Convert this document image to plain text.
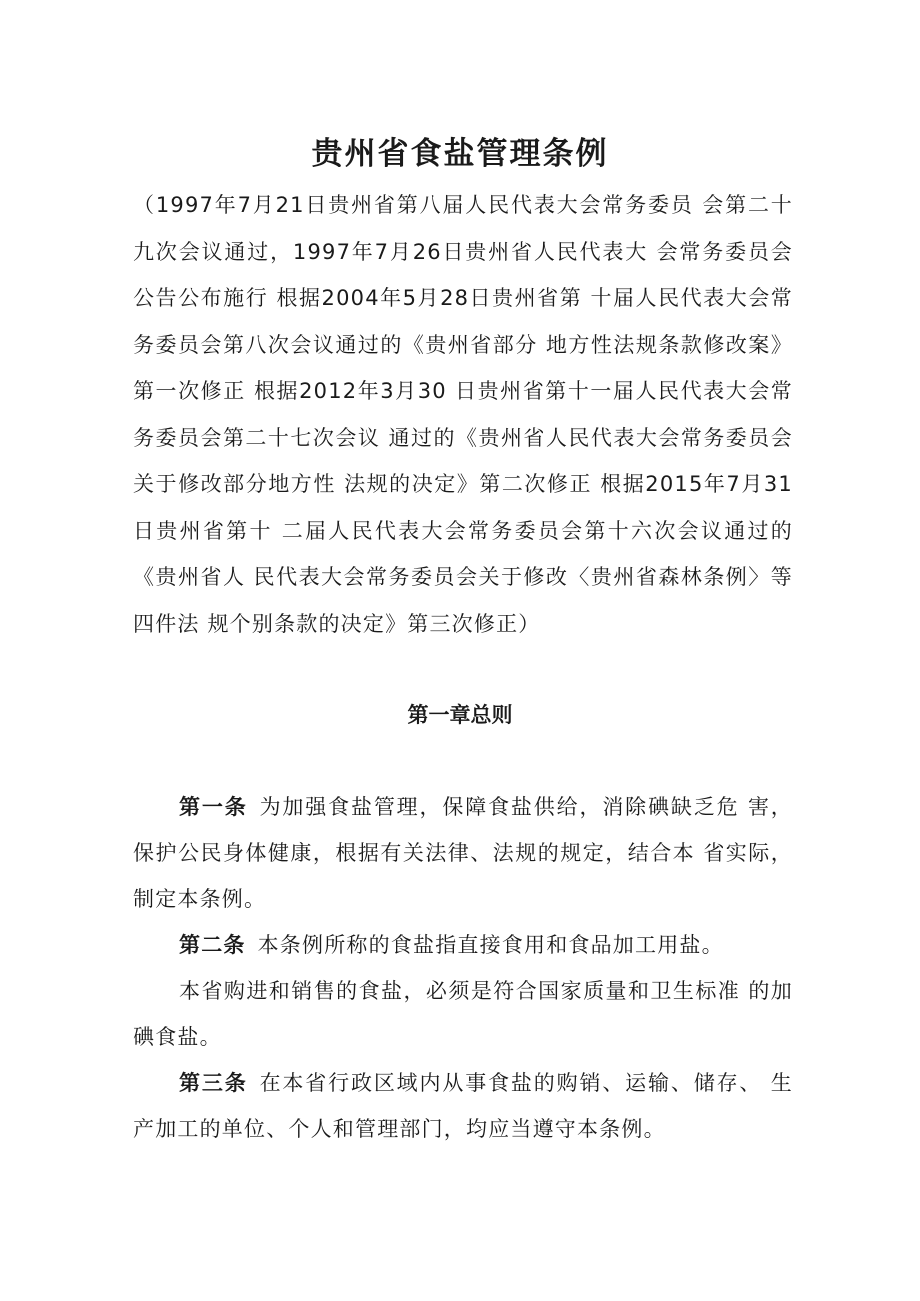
贵州省食盐管理条例

（1997年7月21日贵州省第八届人民代表大会常务委员 会第二十九次会议通过，1997年7月26日贵州省人民代表大 会常务委员会公告公布施行 根据2004年5月28日贵州省第 十届人民代表大会常务委员会第八次会议通过的《贵州省部分 地方性法规条款修改案》第一次修正 根据2012年3月30 日贵州省第十一届人民代表大会常务委员会第二十七次会议 通过的《贵州省人民代表大会常务委员会关于修改部分地方性 法规的决定》第二次修正 根据2015年7月31日贵州省第十 二届人民代表大会常务委员会第十六次会议通过的《贵州省人 民代表大会常务委员会关于修改〈贵州省森林条例〉等四件法 规个别条款的决定》第三次修正）

第一章总则

第一条 为加强食盐管理，保障食盐供给，消除碘缺乏危 害，保护公民身体健康，根据有关法律、法规的规定，结合本 省实际，制定本条例。

第二条 本条例所称的食盐指直接食用和食品加工用盐。

本省购进和销售的食盐，必须是符合国家质量和卫生标准 的加碘食盐。

第三条 在本省行政区域内从事食盐的购销、运输、储存、 生产加工的单位、个人和管理部门，均应当遵守本条例。
